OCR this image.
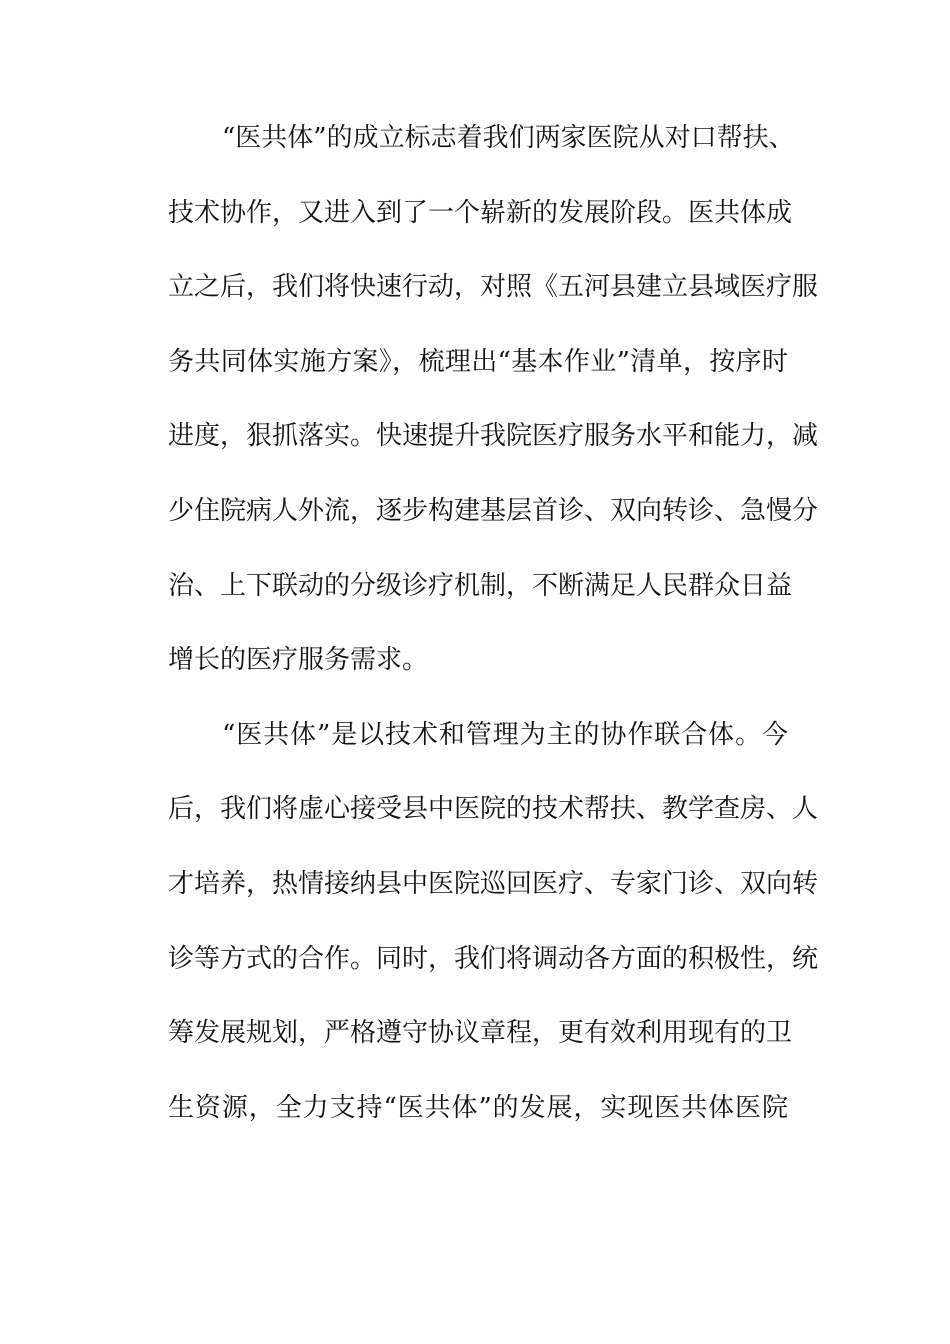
“医共体”的成立标志着我们两家医院从对口帮扶、
技术协作，又进入到了一个崭新的发展阶段。医共体成
立之后，我们将快速行动，对照《五河县建立县域医疗服
务共同体实施方案》，梳理出“基本作业”清单，按序时
进度，狠抓落实。快速提升我院医疗服务水平和能力，减
少住院病人外流，逐步构建基层首诊、双向转诊、急慢分
治、上下联动的分级诊疗机制，不断满足人民群众日益
增长的医疗服务需求。
“医共体”是以技术和管理为主的协作联合体。今
后，我们将虚心接受县中医院的技术帮扶、教学查房、人
才培养，热情接纳县中医院巡回医疗、专家门诊、双向转
诊等方式的合作。同时，我们将调动各方面的积极性，统
筹发展规划，严格遵守协议章程，更有效利用现有的卫
生资源，全力支持“医共体”的发展，实现医共体医院
